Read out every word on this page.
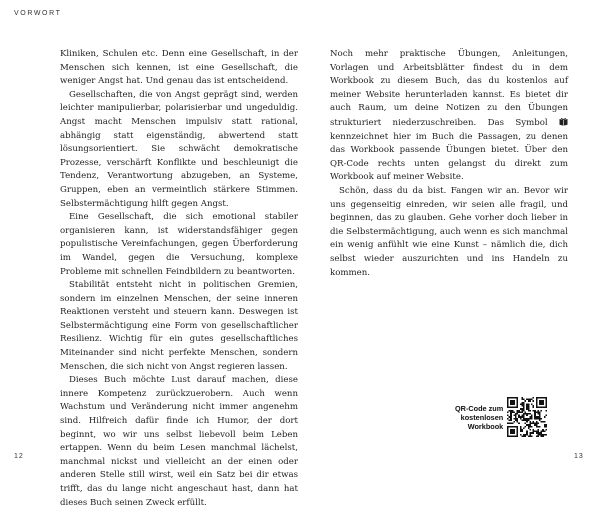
VORWORT

Kliniken, Schulen etc. Denn eine Gesellschaft, in der Menschen sich kennen, ist eine Gesellschaft, die weniger Angst hat. Und genau das ist entscheidend.

Gesellschaften, die von Angst geprägt sind, werden leichter manipulierbar, polarisierbar und ungeduldig. Angst macht Menschen impulsiv statt rational, abhängig statt eigenständig, abwertend statt lösungsorientiert. Sie schwächt demokratische Prozesse, verschärft Konflikte und beschleunigt die Tendenz, Verantwortung abzugeben, an Systeme, Gruppen, eben an vermeintlich stärkere Stimmen. Selbstermächtigung hilft gegen Angst.

Eine Gesellschaft, die sich emotional stabiler organisieren kann, ist widerstandsfähiger gegen populistische Vereinfachungen, gegen Überforderung im Wandel, gegen die Versuchung, komplexe Probleme mit schnellen Feindbildern zu beantworten.

Stabilität entsteht nicht in politischen Gremien, sondern im einzelnen Menschen, der seine inneren Reaktionen versteht und steuern kann. Deswegen ist Selbstermächtigung eine Form von gesellschaftlicher Resilienz. Wichtig für ein gutes gesellschaftliches Miteinander sind nicht perfekte Menschen, sondern Menschen, die sich nicht von Angst regieren lassen.

Dieses Buch möchte Lust darauf machen, diese innere Kompetenz zurückzuerobern. Auch wenn Wachstum und Veränderung nicht immer angenehm sind. Hilfreich dafür finde ich Humor, der dort beginnt, wo wir uns selbst liebevoll beim Leben ertappen. Wenn du beim Lesen manchmal lächelst, manchmal nickst und vielleicht an der einen oder anderen Stelle still wirst, weil ein Satz bei dir etwas trifft, das du lange nicht angeschaut hast, dann hat dieses Buch seinen Zweck erfüllt.

Noch mehr praktische Übungen, Anleitungen, Vorlagen und Arbeitsblätter findest du in dem Workbook zu diesem Buch, das du kostenlos auf meiner Website herunterladen kannst. Es bietet dir auch Raum, um deine Notizen zu den Übungen strukturiert niederzuschreiben. Das Symbol  kennzeichnet hier im Buch die Passagen, zu denen das Workbook passende Übungen bietet. Über den QR-Code rechts unten gelangst du direkt zum Workbook auf meiner Website.

Schön, dass du da bist. Fangen wir an. Bevor wir uns gegenseitig einreden, wir seien alle fragil, und beginnen, das zu glauben. Gehe vorher doch lieber in die Selbstermächtigung, auch wenn es sich manchmal ein wenig anfühlt wie eine Kunst – nämlich die, dich selbst wieder auszurichten und ins Handeln zu kommen.

QR-Code zum
kostenlosen
Workbook
12	13
